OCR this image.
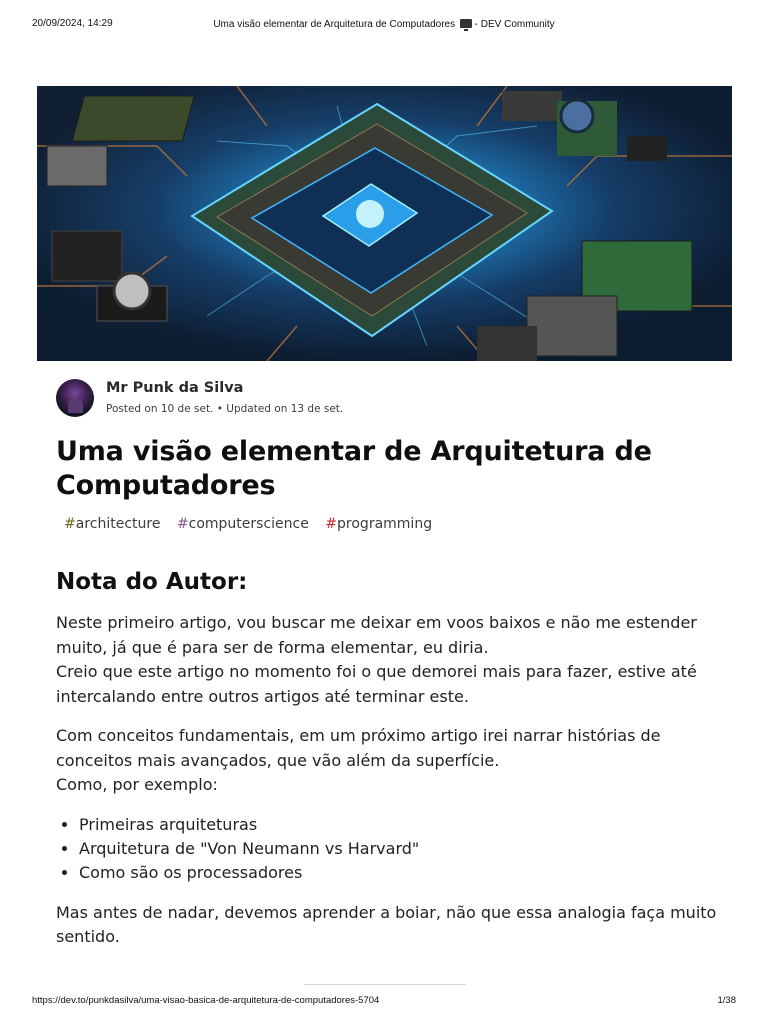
20/09/2024, 14:29	Uma visão elementar de Arquitetura de Computadores  - DEV Community
Mr Punk da Silva
Posted on 10 de set. • Updated on 13 de set.
Uma visão elementar de Arquitetura de Computadores
#architecture #computerscience #programming
Nota do Autor:

Neste primeiro artigo, vou buscar me deixar em voos baixos e não me estender muito, já que é para ser de forma elementar, eu diria.
Creio que este artigo no momento foi o que demorei mais para fazer, estive até intercalando entre outros artigos até terminar este.

Com conceitos fundamentais, em um próximo artigo irei narrar histórias de conceitos mais avançados, que vão além da superfície.
Como, por exemplo:

• Primeiras arquiteturas
• Arquitetura de "Von Neumann vs Harvard"
• Como são os processadores

Mas antes de nadar, devemos aprender a boiar, não que essa analogia faça muito sentido.

https://dev.to/punkdasilva/uma-visao-basica-de-arquitetura-de-computadores-5704	1/38
